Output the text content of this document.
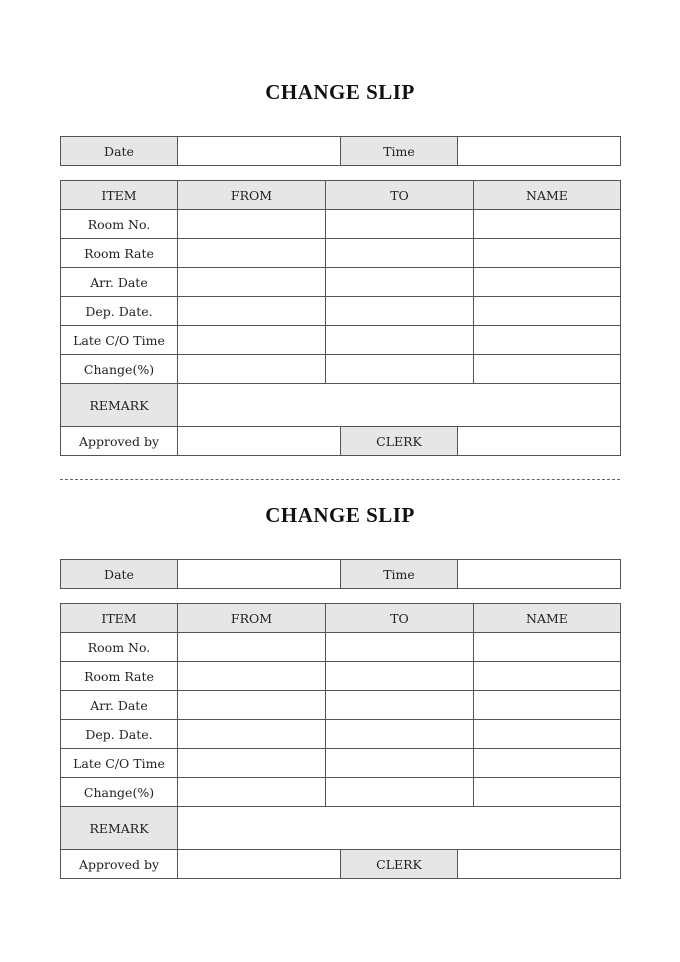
CHANGE SLIP
Date		Time	
ITEM	FROM	TO	NAME
Room No.			
Room Rate			
Arr. Date			
Dep. Date.			
Late C/O Time			
Change(%)			
REMARK			
Approved by		CLERK	
CHANGE SLIP
Date		Time	
ITEM	FROM	TO	NAME
Room No.			
Room Rate			
Arr. Date			
Dep. Date.			
Late C/O Time			
Change(%)			
REMARK			
Approved by		CLERK	
